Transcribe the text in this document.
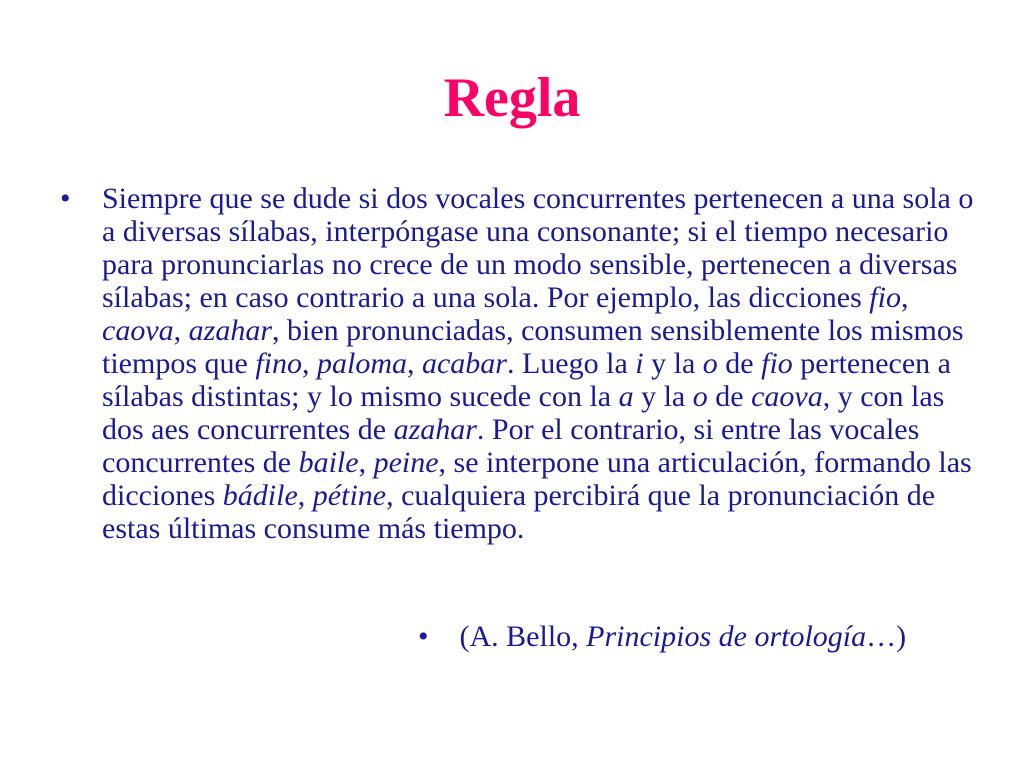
Regla
• Siempre que se dude si dos vocales concurrentes pertenecen a una sola o a diversas sílabas, interpóngase una consonante; si el tiempo necesario para pronunciarlas no crece de un modo sensible, pertenecen a diversas sílabas; en caso contrario a una sola. Por ejemplo, las dicciones fio, caova, azahar, bien pronunciadas, consumen sensiblemente los mismos tiempos que fino, paloma, acabar. Luego la i y la o de fio pertenecen a sílabas distintas; y lo mismo sucede con la a y la o de caova, y con las dos aes concurrentes de azahar. Por el contrario, si entre las vocales concurrentes de baile, peine, se interpone una articulación, formando las dicciones bádile, pétine, cualquiera percibirá que la pronunciación de estas últimas consume más tiempo.
• (A. Bello, Principios de ortología…)
